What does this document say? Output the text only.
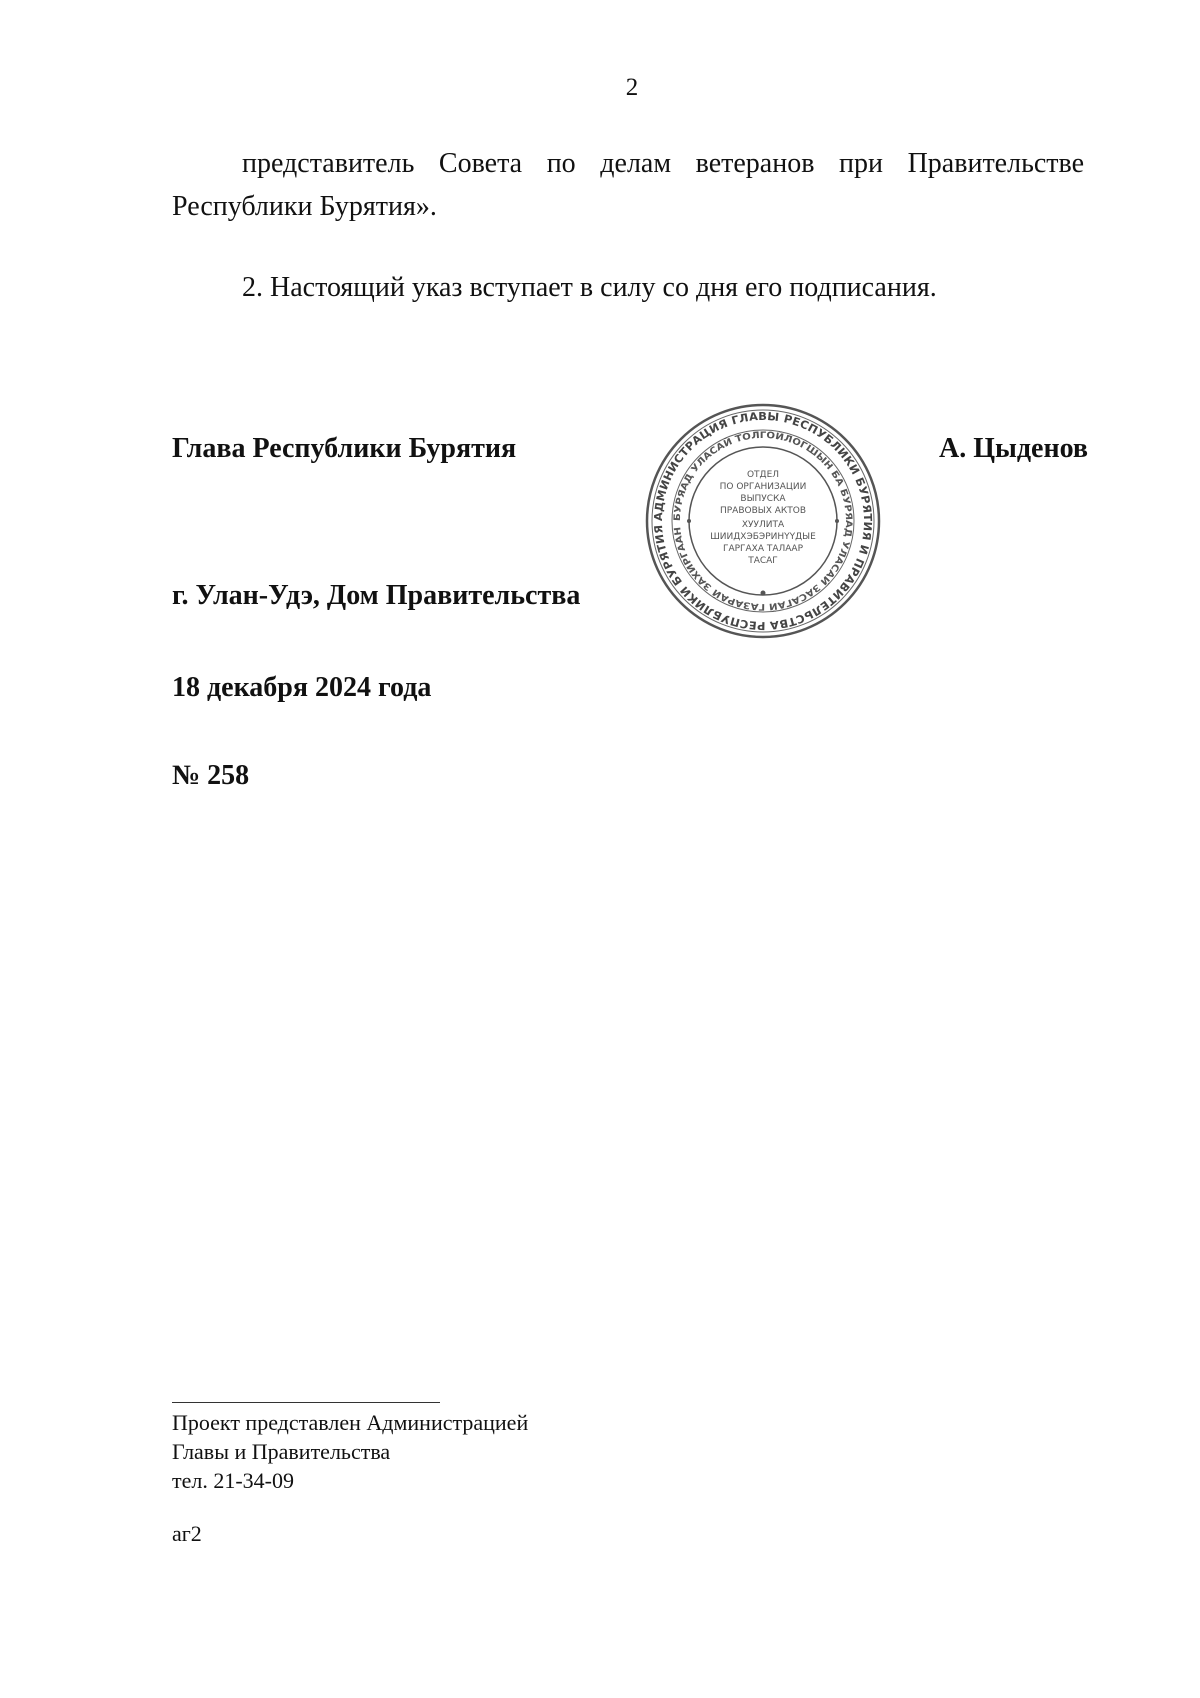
2
представитель Совета по делам ветеранов при Правительстве Республики Бурятия».
2. Настоящий указ вступает в силу со дня его подписания.
Глава Республики Бурятия	А. Цыденов
АДМИНИСТРАЦИЯ ГЛАВЫ РЕСПУБЛИКИ БУРЯТИЯ И ПРАВИТЕЛЬСТВА РЕСПУБЛИКИ БУРЯТИЯ
БУРЯАД УЛАСАЙ ТОЛГОЙЛОГШЫН БА БУРЯАД УЛАСАЙ ЗАСАГАЙ ГАЗАРАЙ ЗАХИРГААН
ОТДЕЛ
ПО ОРГАНИЗАЦИИ
ВЫПУСКА
ПРАВОВЫХ АКТОВ
ХУУЛИТА
ШИИДХЭБЭРИНҮҮДЫЕ
ГАРГАХА ТАЛААР
ТАСАГ
г. Улан-Удэ, Дом Правительства
18 декабря 2024 года
№ 258
Проект представлен Администрацией
Главы и Правительства
тел. 21-34-09
аг2
